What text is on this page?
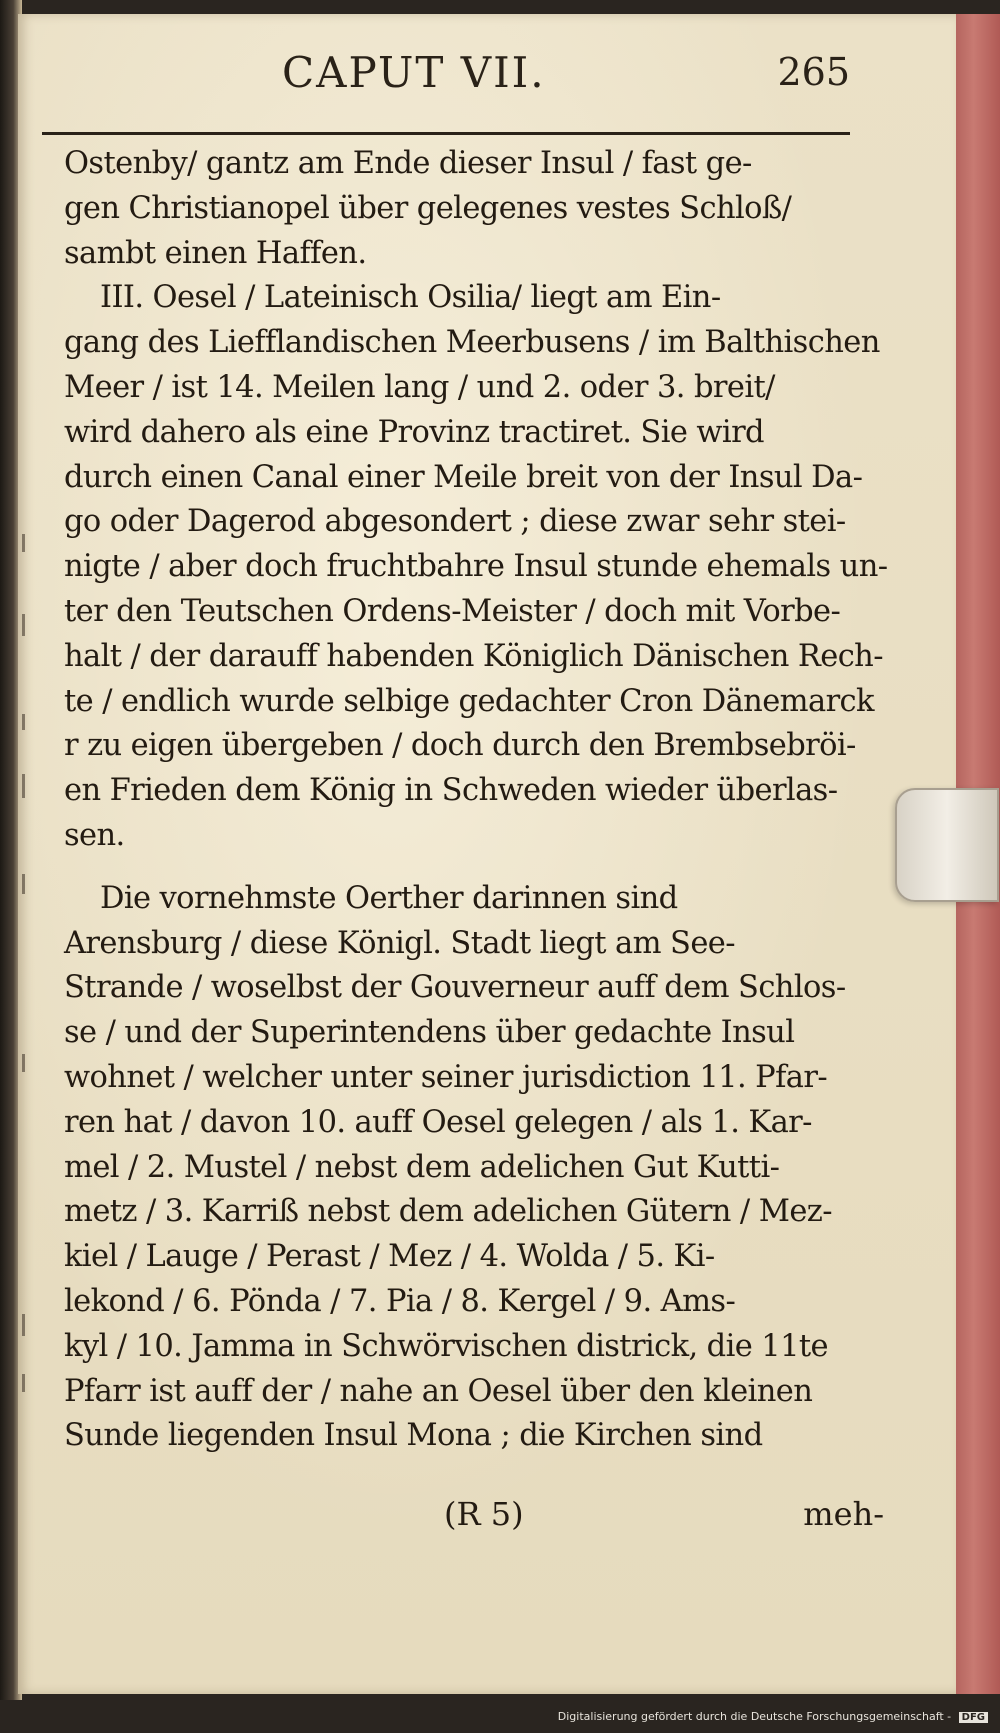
CAPUT VII.	265
Ostenby/ gantz am Ende dieser Insul / fast ge-
gen Christianopel über gelegenes vestes Schloß/
sambt einen Haffen.
III. Oesel / Lateinisch Osilia/ liegt am Ein-
gang des Liefflandischen Meerbusens / im Balthischen
Meer / ist 14. Meilen lang / und 2. oder 3. breit/
wird dahero als eine Provinz tractiret. Sie wird
durch einen Canal einer Meile breit von der Insul Da-
go oder Dagerod abgesondert ; diese zwar sehr stei-
nigte / aber doch fruchtbahre Insul stunde ehemals un-
ter den Teutschen Ordens-Meister / doch mit Vorbe-
halt / der darauff habenden Königlich Dänischen Rech-
te / endlich wurde selbige gedachter Cron Dänemarck
r zu eigen übergeben / doch durch den Brembsebröi-
en Frieden dem König in Schweden wieder überlas-
sen.
Die vornehmste Oerther darinnen sind
Arensburg / diese Königl. Stadt liegt am See-
Strande / woselbst der Gouverneur auff dem Schlos-
se / und der Superintendens über gedachte Insul
wohnet / welcher unter seiner jurisdiction 11. Pfar-
ren hat / davon 10. auff Oesel gelegen / als 1. Kar-
mel / 2. Mustel / nebst dem adelichen Gut Kutti-
metz / 3. Karriß nebst dem adelichen Gütern / Mez-
kiel / Lauge / Perast / Mez / 4. Wolda / 5. Ki-
lekond / 6. Pönda / 7. Pia / 8. Kergel / 9. Ams-
kyl / 10. Jamma in Schwörvischen districk, die 11te
Pfarr ist auff der / nahe an Oesel über den kleinen
Sunde liegenden Insul Mona ; die Kirchen sind
(R 5)	meh-
Digitalisierung gefördert durch die Deutsche Forschungsgemeinschaft - DFG
